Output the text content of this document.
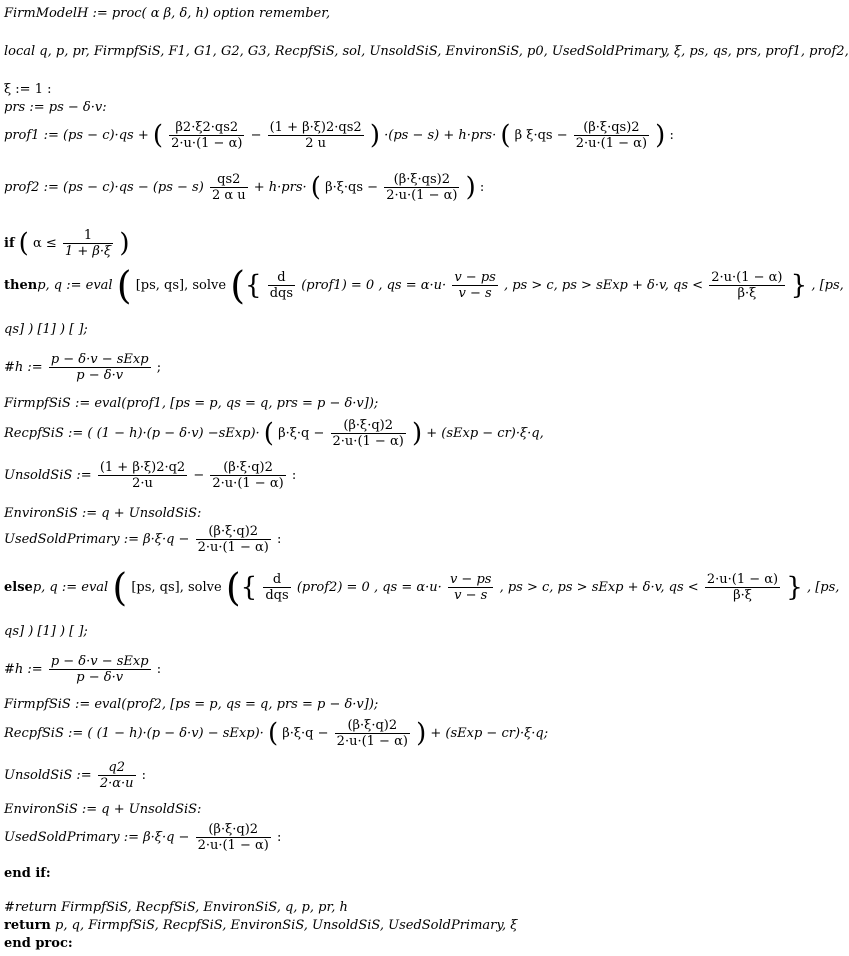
FirmModelH := proc( α β, δ, h) option remember,
local q, p, pr, FirmpfSiS, F1, G1, G2, G3, RecpfSiS, sol, UnsoldSiS, EnvironSiS, p0, UsedSoldPrimary, ξ, ps, qs, prs, prof1, prof2,
ξ := 1 :
prs := ps − δ·v:
prof1 := (ps − c)·qs + ( $\frac{\beta 2\cdot\xi 2\cdot qs2}{2\cdot u\cdot(1 - \alpha)} - \frac{(1 + \beta\cdot\xi)2\cdot qs2}{2 u}$ ) ·(ps − s) + h·prs· ( β $\xi\cdot qs - \frac{(\beta\cdot\xi\cdot qs)2}{2\cdot u\cdot(1 - \alpha)}$ ) :
prof2 := $(ps - c)\cdot qs - (ps - s) \frac{qs2}{\text{2 α u}} + h\cdot prs\cdot$ ( $\beta\cdot\xi\cdot qs - \frac{(\beta\cdot\xi\cdot qs)2}{2\cdot u\cdot(1 - \alpha)}$ ) :
if ( $\alpha \le \frac{1}{1 + \beta\cdot\xi}$ )
thenp, q := eval ( [ps, qs], solve ({ $\frac{d}{\text{dqs}}$ (prof1) = 0 , qs = $\alpha\cdot u\cdot \frac{v - ps}{v - s}$ , ps > c, ps > sExp + δ·v, qs < $\frac{2\cdot u\cdot(1 - \alpha)}{\beta\cdot\xi}$ } , [ps,
qs] ) [1] ) [ ];
#h := $\frac{\text{p − δ·v − sExp}}{p - \delta\cdot v}$ ;
FirmpfSiS := eval(prof1, [ps = p, qs = q, prs = p − δ·v]);
RecpfSiS := ( (1 − h)·(p − δ·v) −sExp)· ( $\beta\cdot\xi\cdot q - \frac{(\beta\cdot\xi\cdot q)2}{2\cdot u\cdot(1 - \alpha)}$ ) + (sExp − cr)·ξ·q,
UnsoldSiS := $\frac{(1 + \beta\cdot\xi)2\cdot q2}{2\cdot u} - \frac{(\beta\cdot\xi\cdot q)2}{2\cdot u\cdot(1 - \alpha)}$ :
EnvironSiS := q + UnsoldSiS:
UsedSoldPrimary := $\beta\cdot\xi\cdot q - \frac{(\beta\cdot\xi\cdot q)2}{2\cdot u\cdot(1 - \alpha)}$ :
elsep, q := eval ( [ps, qs], solve ({ $\frac{d}{\text{dqs}}$ (prof2) = 0 , qs = $\alpha\cdot u\cdot \frac{v - ps}{v - s}$ , ps > c, ps > sExp + δ·v, qs < $\frac{2\cdot u\cdot(1 - \alpha)}{\beta\cdot\xi}$ } , [ps,
qs] ) [1] ) [ ];
#h := $\frac{\text{p − δ·v − sExp}}{p - \delta\cdot v}$ :
FirmpfSiS := eval(prof2, [ps = p, qs = q, prs = p − δ·v]);
RecpfSiS := ( (1 − h)·(p − δ·v) − sExp)· ( $\beta\cdot\xi\cdot q - \frac{(\beta\cdot\xi\cdot q)2}{2\cdot u\cdot(1 - \alpha)}$ ) + (sExp − cr)·ξ·q;
UnsoldSiS := $\frac{q2}{2\cdot\alpha\cdot u}$ :
EnvironSiS := q + UnsoldSiS:
UsedSoldPrimary := $\beta\cdot\xi\cdot q - \frac{(\beta\cdot\xi\cdot q)2}{2\cdot u\cdot(1 - \alpha)}$ :
end if:
#return FirmpfSiS, RecpfSiS, EnvironSiS, q, p, pr, h
return p, q, FirmpfSiS, RecpfSiS, EnvironSiS, UnsoldSiS, UsedSoldPrimary, ξ
end proc:
